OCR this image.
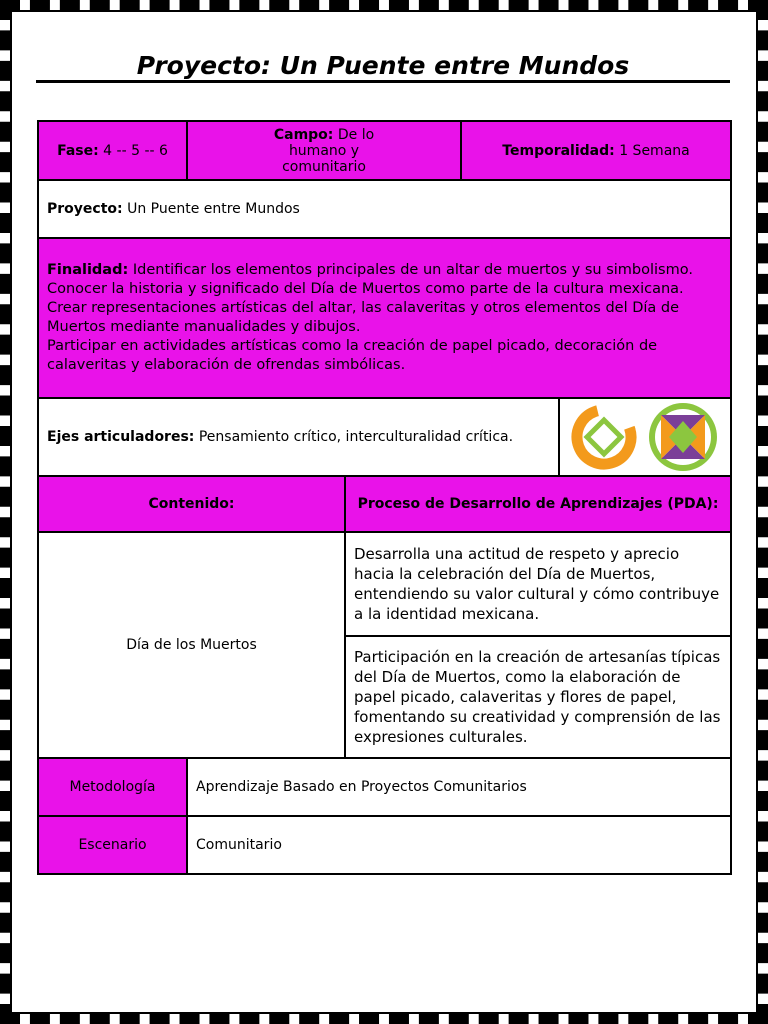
Proyecto: Un Puente entre Mundos
Fase: 4 -- 5 -- 6	Campo: De lo humano y comunitario		Temporalidad: 1 Semana	
Proyecto: Un Puente entre Mundos				

Finalidad: Identificar los elementos principales de un altar de muertos y su simbolismo.
Conocer la historia y significado del Día de Muertos como parte de la cultura mexicana.
Crear representaciones artísticas del altar, las calaveritas y otros elementos del Día de Muertos mediante manualidades y dibujos.
Participar en actividades artísticas como la creación de papel picado, decoración de calaveritas y elaboración de ofrendas simbólicas.				

Ejes articuladores: Pensamiento crítico, interculturalidad crítica.	

Contenido:		Proceso de Desarrollo de Aprendizajes (PDA):		
Día de los Muertos		Desarrolla una actitud de respeto y aprecio hacia la celebración del Día de Muertos, entendiendo su valor cultural y cómo contribuye a la identidad mexicana.		
		Participación en la creación de artesanías típicas del Día de Muertos, como la elaboración de papel picado, calaveritas y flores de papel, fomentando su creatividad y comprensión de las expresiones culturales.		
Metodología	Aprendizaje Basado en Proyectos Comunitarios			
Escenario	Comunitario			
